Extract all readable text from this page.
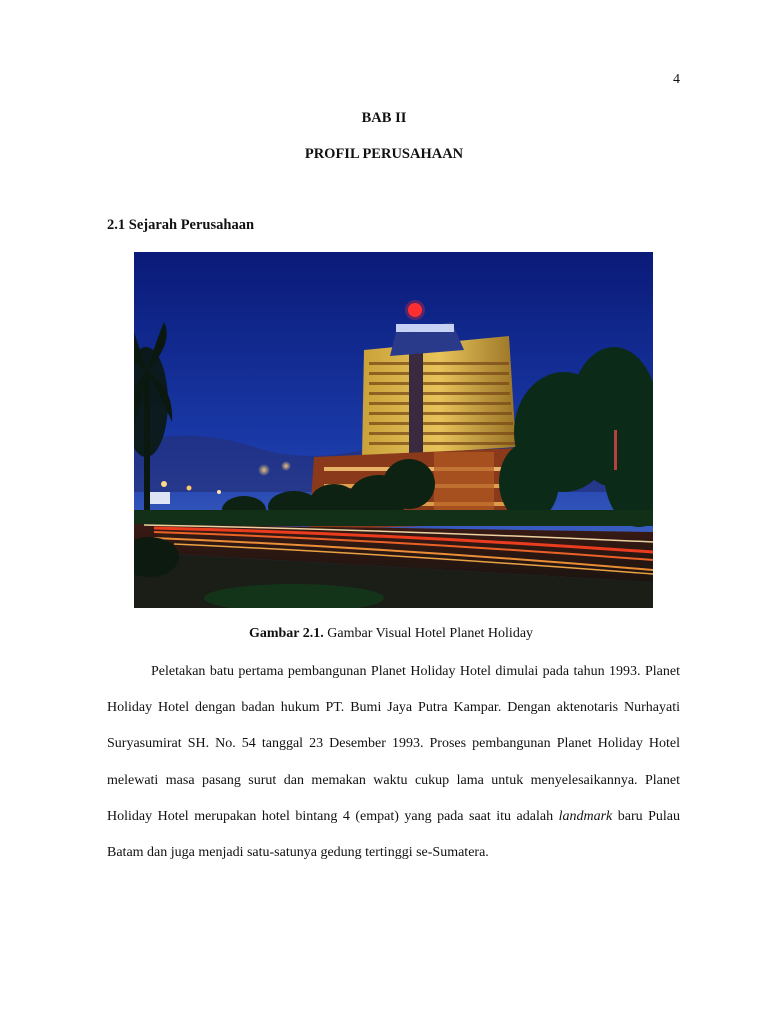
4
BAB II
PROFIL PERUSAHAAN
2.1 Sejarah Perusahaan
Gambar 2.1. Gambar Visual Hotel Planet Holiday

Peletakan batu pertama pembangunan Planet Holiday Hotel dimulai pada tahun 1993. Planet Holiday Hotel dengan badan hukum PT. Bumi Jaya Putra Kampar. Dengan aktenotaris Nurhayati Suryasumirat SH. No. 54 tanggal 23 Desember 1993. Proses pembangunan Planet Holiday Hotel melewati masa pasang surut dan memakan waktu cukup lama untuk menyelesaikannya. Planet Holiday Hotel merupakan hotel bintang 4 (empat) yang pada saat itu adalah landmark baru Pulau Batam dan juga menjadi satu-satunya gedung tertinggi se-Sumatera.
